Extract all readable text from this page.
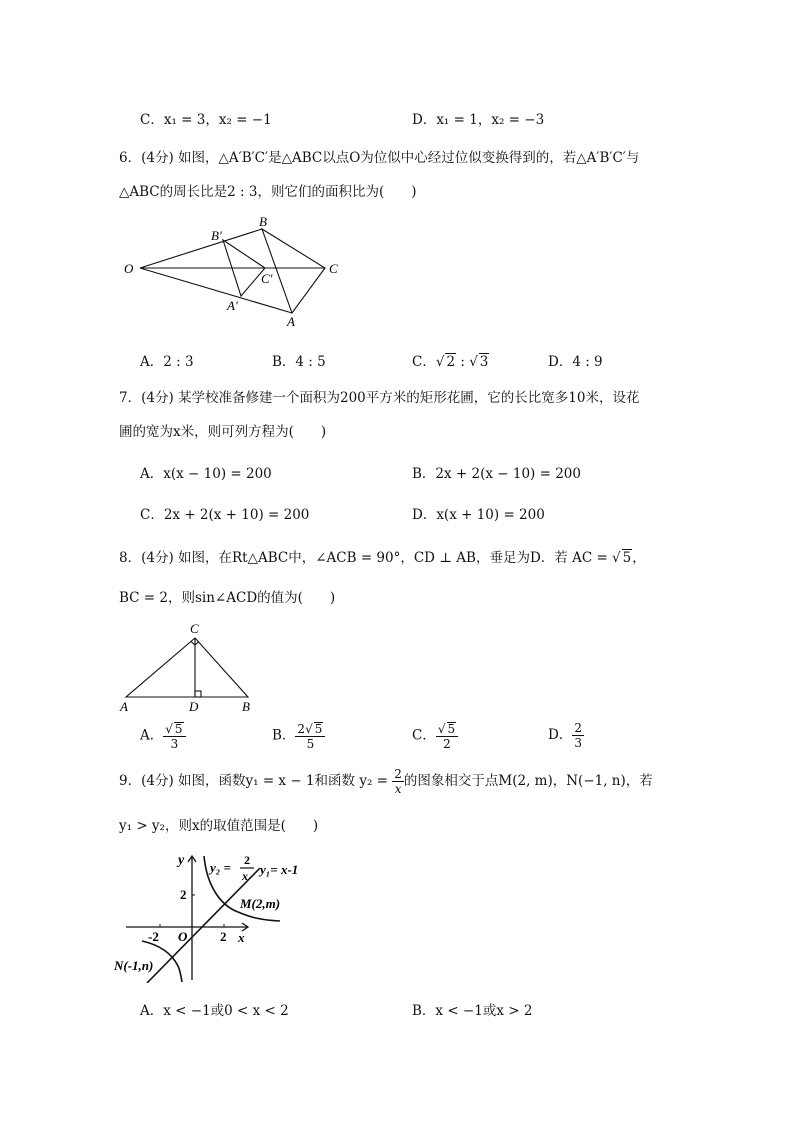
C．x₁ = 3，x₂ = −1	D．x₁ = 1，x₂ = −3
6．(4分) 如图，△A′B′C′是△ABC以点O为位似中心经过位似变换得到的，若△A′B′C′与
△ABC的周长比是2 : 3，则它们的面积比为(　　)
O
B′
B
C
C′
A′
A
A．2 : 3	B．4 : 5	C．√ 2 : √ 3	D．4 : 9
7．(4分) 某学校准备修建一个面积为200平方米的矩形花圃，它的长比宽多10米，设花
圃的宽为x米，则可列方程为(　　)
A．x(x − 10) = 200	B．2x + 2(x − 10) = 200
C．2x + 2(x + 10) = 200	D．x(x + 10) = 200
8．(4分) 如图，在Rt△ABC中，∠ACB = 90°，CD ⊥ AB，垂足为D．若 AC = √ 5，
BC = 2，则sin∠ACD的值为(　　)
C
A	D	B
A． $\frac{√ 5}{3}$	B． $\frac{2√ 5}{5}$	C． $\frac{√ 5}{2}$	D． $\frac{2}{3}$
9．(4分) 如图，函数y₁ = x − 1和函数 $y_2 = \frac{2}{x}$ 的图象相交于点M(2, m)，N(−1, n)，若
y₁ > y₂，则x的取值范围是(　　)
y
x
O
2
2
-2
y₂ = 2
x y₁= x-1
M(2,m)
N(-1,n)
A．x < −1或0 < x < 2	B．x < −1或x > 2
